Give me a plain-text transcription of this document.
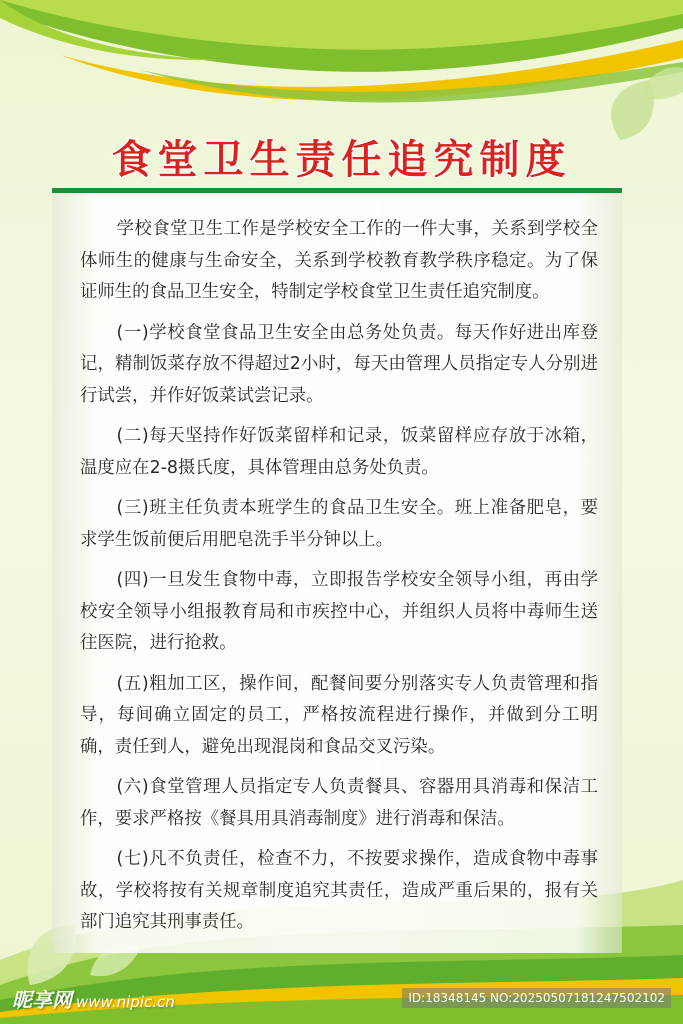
食堂卫生责任追究制度

学校食堂卫生工作是学校安全工作的一件大事，关系到学校全体师生的健康与生命安全，关系到学校教育教学秩序稳定。为了保证师生的食品卫生安全，特制定学校食堂卫生责任追究制度。

(一)学校食堂食品卫生安全由总务处负责。每天作好进出库登记，精制饭菜存放不得超过2小时，每天由管理人员指定专人分别进行试尝，并作好饭菜试尝记录。

(二)每天坚持作好饭菜留样和记录，饭菜留样应存放于冰箱，温度应在2-8摄氏度，具体管理由总务处负责。

(三)班主任负责本班学生的食品卫生安全。班上准备肥皂，要求学生饭前便后用肥皂洗手半分钟以上。

(四)一旦发生食物中毒，立即报告学校安全领导小组，再由学校安全领导小组报教育局和市疾控中心，并组织人员将中毒师生送往医院，进行抢救。

(五)粗加工区，操作间，配餐间要分别落实专人负责管理和指导，每间确立固定的员工，严格按流程进行操作，并做到分工明确，责任到人，避免出现混岗和食品交叉污染。

(六)食堂管理人员指定专人负责餐具、容器用具消毒和保洁工作，要求严格按《餐具用具消毒制度》进行消毒和保洁。

(七)凡不负责任，检查不力，不按要求操作，造成食物中毒事故，学校将按有关规章制度追究其责任，造成严重后果的，报有关部门追究其刑事责任。

昵享网 www.nipic.cn	ID:18348145 NO:20250507181247502102
